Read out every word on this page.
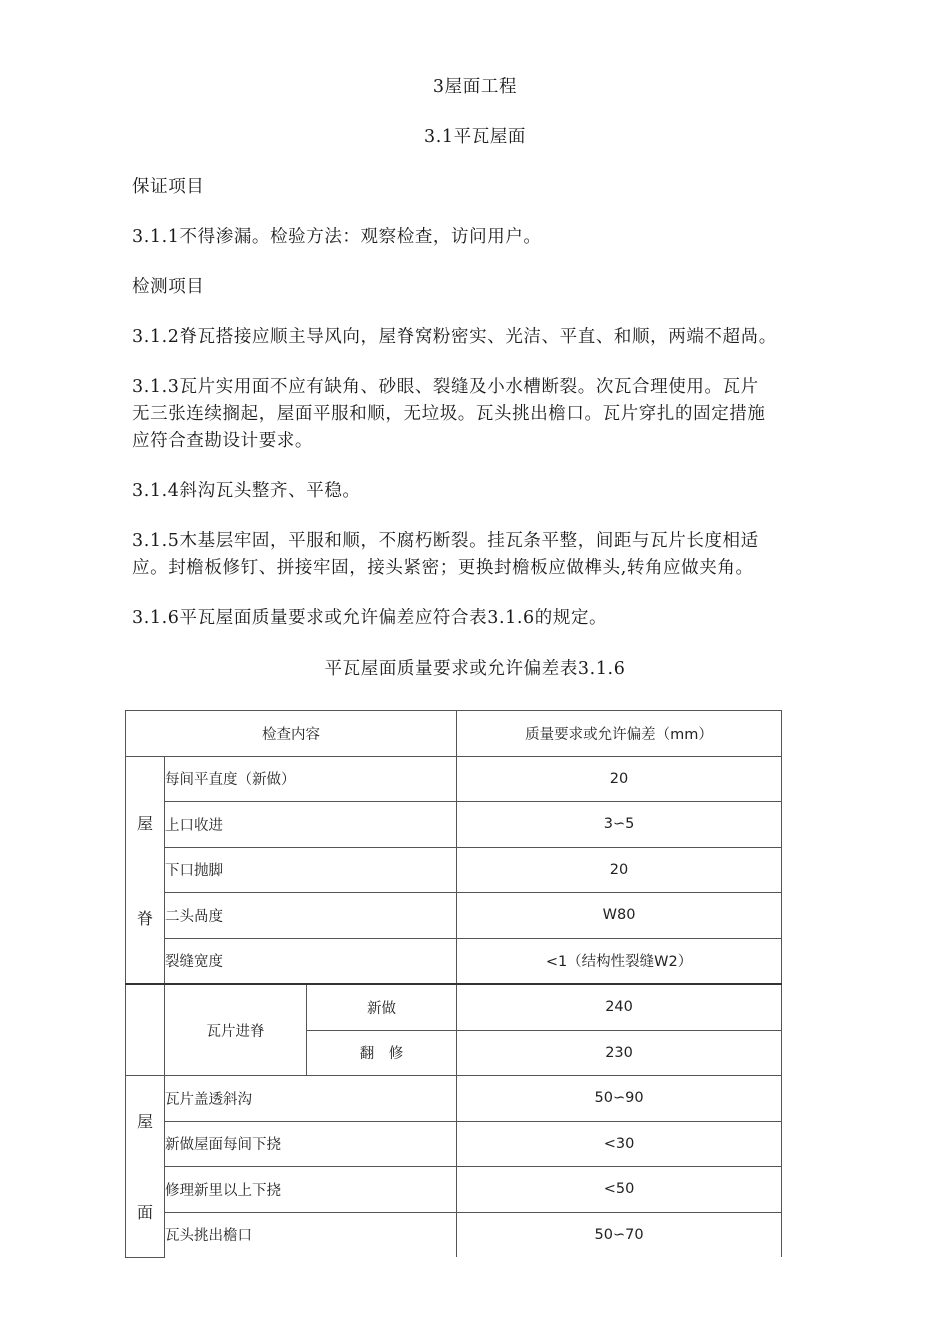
3屋面工程
3.1平瓦屋面
保证项目
3.1.1不得渗漏。检验方法：观察检查，访问用户。
检测项目
3.1.2脊瓦搭接应顺主导风向，屋脊窝粉密实、光洁、平直、和顺，两端不超咼。
3.1.3瓦片实用面不应有缺角、砂眼、裂缝及小水槽断裂。次瓦合理使用。瓦片
无三张连续搁起，屋面平服和顺，无垃圾。瓦头挑出檐口。瓦片穿扎的固定措施
应符合查勘设计要求。
3.1.4斜沟瓦头整齐、平稳。
3.1.5木基层牢固，平服和顺，不腐朽断裂。挂瓦条平整，间距与瓦片长度相适
应。封檐板修钉、拼接牢固，接头紧密；更换封檐板应做榫头,转角应做夹角。
3.1.6平瓦屋面质量要求或允许偏差应符合表3.1.6的规定。
平瓦屋面质量要求或允许偏差表3.1.6
检查内容			质量要求或允许偏差（mm）

屋
脊	每间平直度（新做）		20
	上口收进		3∽5
	下口抛脚		20
	二头咼度		W80
	裂缝宽度		<1（结构性裂缝W2）
	瓦片进脊	新做	240
		翻　修	230

屋
面	瓦片盖透斜沟		50∽90
	新做屋面每间下挠		<30
	修理新里以上下挠		<50
	瓦头挑出檐口		50∽70
